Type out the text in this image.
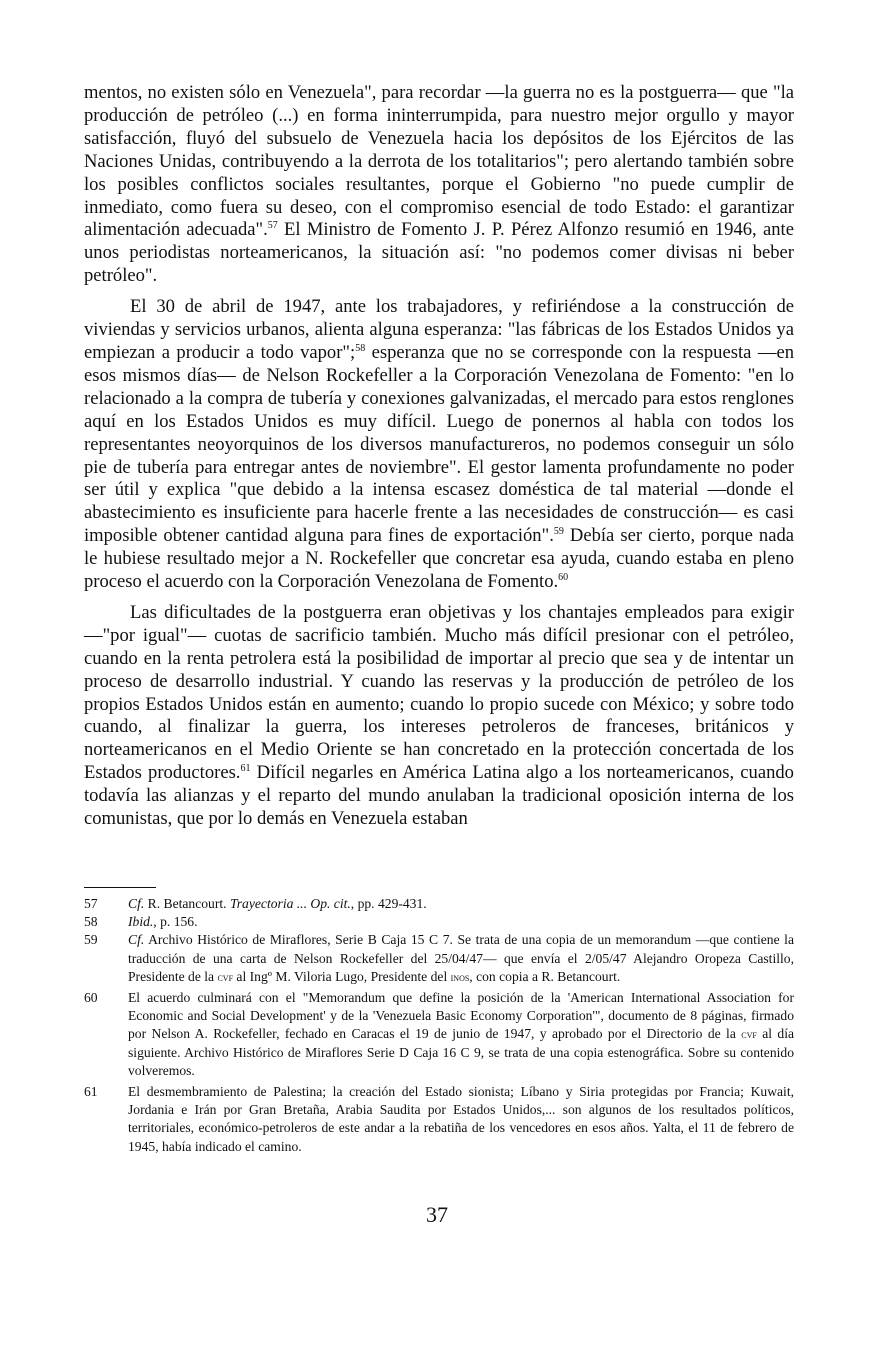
mentos, no existen sólo en Venezuela", para recordar —la guerra no es la postguerra— que "la producción de petróleo (...) en forma ininterrumpida, para nuestro mejor orgullo y mayor satisfacción, fluyó del subsuelo de Venezuela hacia los depósitos de los Ejércitos de las Naciones Unidas, contribuyendo a la derrota de los totalitarios"; pero alertando también sobre los posibles conflictos sociales resultantes, porque el Gobierno "no puede cumplir de inmediato, como fuera su deseo, con el compromiso esencial de todo Estado: el garantizar alimentación adecuada".$^{57}$ El Ministro de Fomento J. P. Pérez Alfonzo resumió en 1946, ante unos periodistas norteamericanos, la situación así: "no podemos comer divisas ni beber petróleo".

El 30 de abril de 1947, ante los trabajadores, y refiriéndose a la construcción de viviendas y servicios urbanos, alienta alguna esperanza: "las fábricas de los Estados Unidos ya empiezan a producir a todo vapor";$^{58}$ esperanza que no se corresponde con la respuesta —en esos mismos días— de Nelson Rockefeller a la Corporación Venezolana de Fomento: "en lo relacionado a la compra de tubería y conexiones galvanizadas, el mercado para estos renglones aquí en los Estados Unidos es muy difícil. Luego de ponernos al habla con todos los representantes neoyorquinos de los diversos manufactureros, no podemos conseguir un sólo pie de tubería para entregar antes de noviembre". El gestor lamenta profundamente no poder ser útil y explica "que debido a la intensa escasez doméstica de tal material —donde el abastecimiento es insuficiente para hacerle frente a las necesidades de construcción— es casi imposible obtener cantidad alguna para fines de exportación".$^{59}$ Debía ser cierto, porque nada le hubiese resultado mejor a N. Rockefeller que concretar esa ayuda, cuando estaba en pleno proceso el acuerdo con la Corporación Venezolana de Fomento.$^{60}$

Las dificultades de la postguerra eran objetivas y los chantajes empleados para exigir —"por igual"— cuotas de sacrificio también. Mucho más difícil presionar con el petróleo, cuando en la renta petrolera está la posibilidad de importar al precio que sea y de intentar un proceso de desarrollo industrial. Y cuando las reservas y la producción de petróleo de los propios Estados Unidos están en aumento; cuando lo propio sucede con México; y sobre todo cuando, al finalizar la guerra, los intereses petroleros de franceses, británicos y norteamericanos en el Medio Oriente se han concretado en la protección concertada de los Estados productores.$^{61}$ Difícil negarles en América Latina algo a los norteamericanos, cuando todavía las alianzas y el reparto del mundo anulaban la tradicional oposición interna de los comunistas, que por lo demás en Venezuela estaban

57	Cf. R. Betancourt. Trayectoria ... Op. cit., pp. 429-431.
58	Ibid., p. 156.
59	Cf. Archivo Histórico de Miraflores, Serie B Caja 15 C 7. Se trata de una copia de un memorandum —que contiene la traducción de una carta de Nelson Rockefeller del 25/04/47— que envía el 2/05/47 Alejandro Oropeza Castillo, Presidente de la cvf al Ingº M. Viloria Lugo, Presidente del inos, con copia a R. Betancourt.
60	El acuerdo culminará con el "Memorandum que define la posición de la 'American International Association for Economic and Social Development' y de la 'Venezuela Basic Economy Corporation'", documento de 8 páginas, firmado por Nelson A. Rockefeller, fechado en Caracas el 19 de junio de 1947, y aprobado por el Directorio de la cvf al día siguiente. Archivo Histórico de Miraflores Serie D Caja 16 C 9, se trata de una copia estenográfica. Sobre su contenido volveremos.
61	El desmembramiento de Palestina; la creación del Estado sionista; Líbano y Siria protegidas por Francia; Kuwait, Jordania e Irán por Gran Bretaña, Arabia Saudita por Estados Unidos,... son algunos de los resultados políticos, territoriales, económico-petroleros de este andar a la rebatiña de los vencedores en esos años. Yalta, el 11 de febrero de 1945, había indicado el camino.
37
